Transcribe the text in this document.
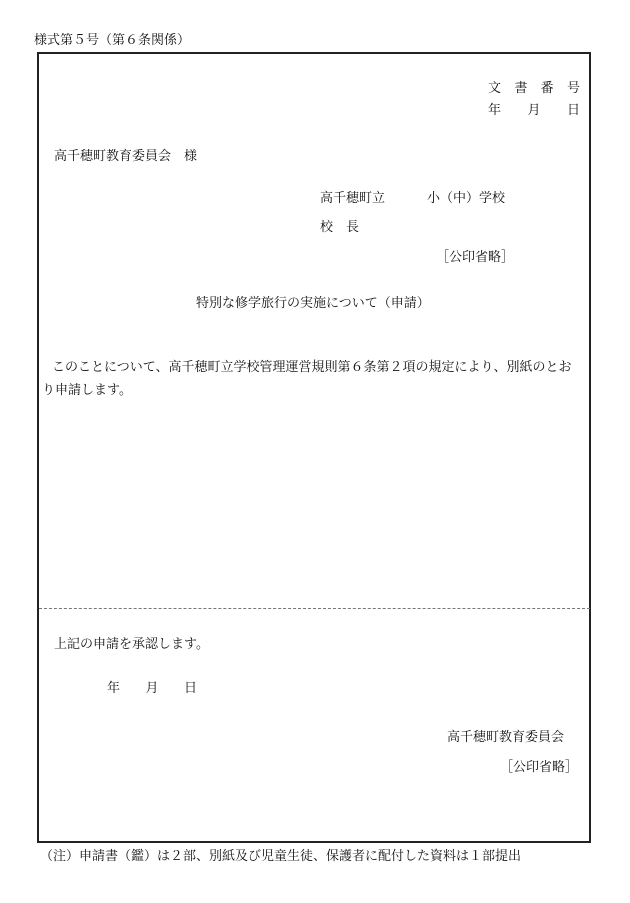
様式第５号（第６条関係）
文 書 番 号
年 月 日
高千穂町教育委員会　様
高千穂町立	小（中）学校
校　長
［公印省略］
特別な修学旅行の実施について（申請）
このことについて、高千穂町立学校管理運営規則第６条第２項の規定により、別紙のとお
り申請します。
上記の申請を承認します。
年 月 日
高千穂町教育委員会
［公印省略］
（注）申請書（鑑）は２部、別紙及び児童生徒、保護者に配付した資料は１部提出
